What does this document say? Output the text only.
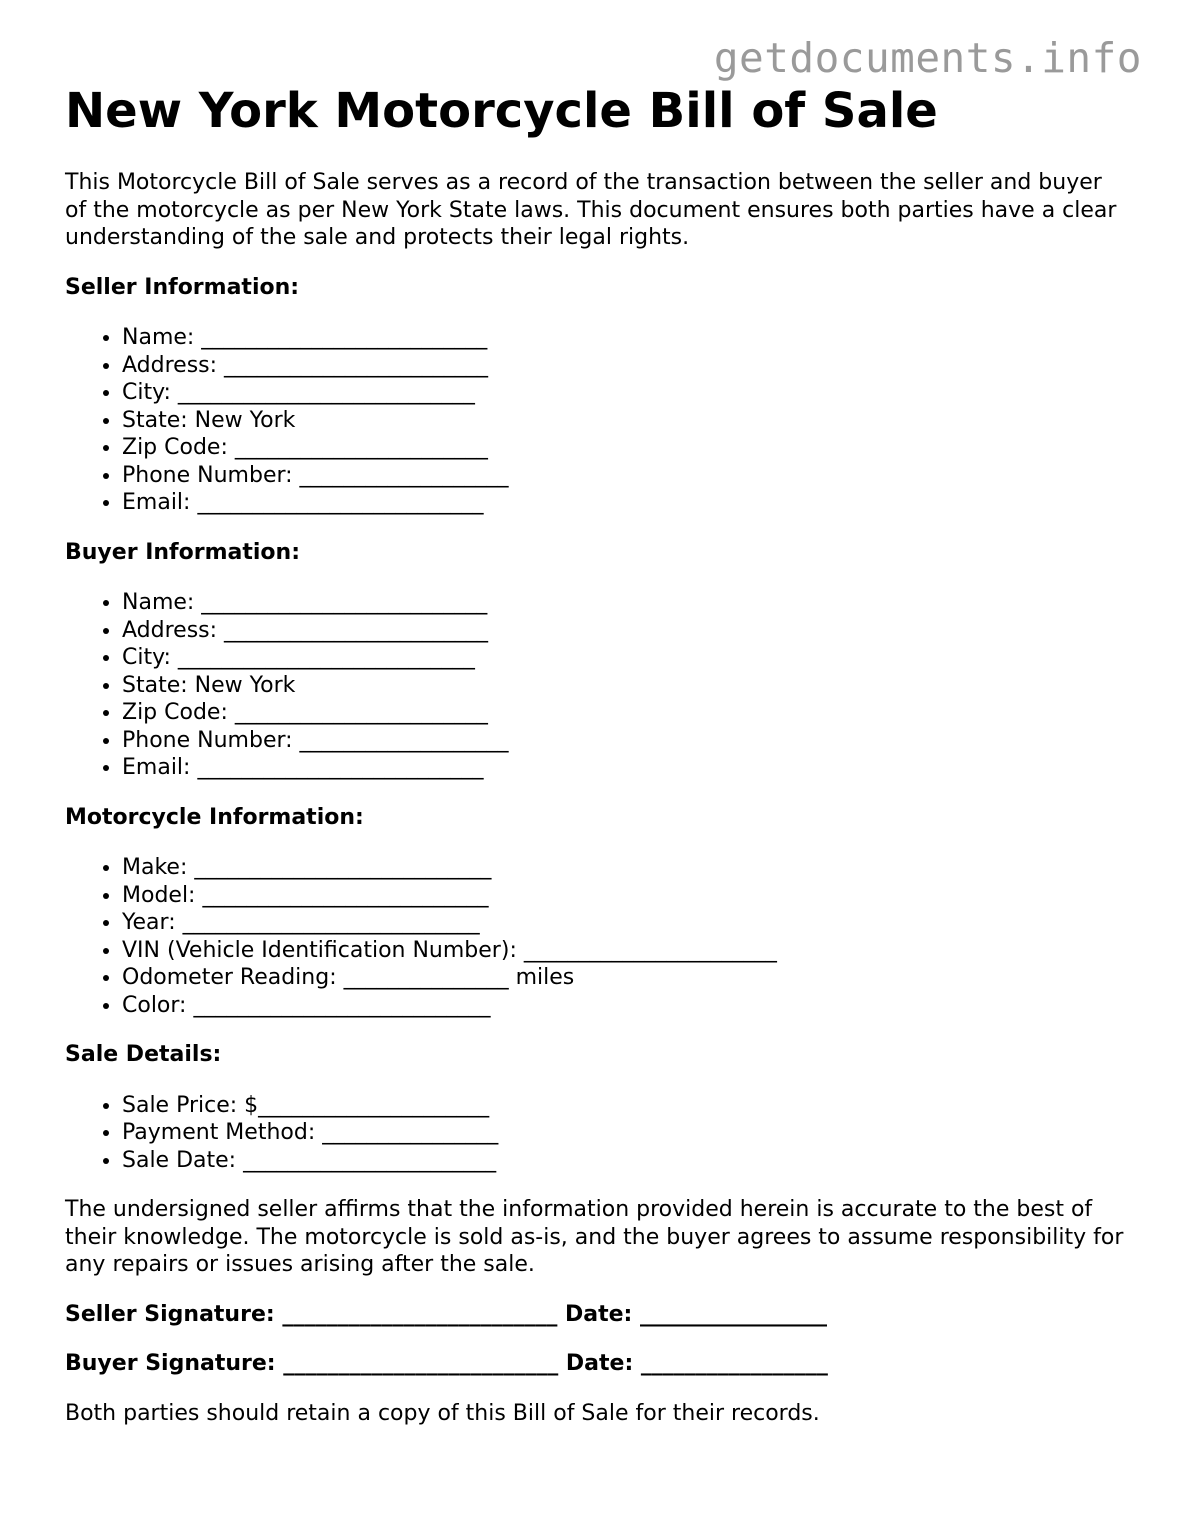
getdocuments.info
New York Motorcycle Bill of Sale

This Motorcycle Bill of Sale serves as a record of the transaction between the seller and buyer of the motorcycle as per New York State laws. This document ensures both parties have a clear understanding of the sale and protects their legal rights.

Seller Information:
• Name: __________________________
• Address: ________________________
• City: ___________________________
• State: New York
• Zip Code: _______________________
• Phone Number: ___________________
• Email: __________________________
Buyer Information:
• Name: __________________________
• Address: ________________________
• City: ___________________________
• State: New York
• Zip Code: _______________________
• Phone Number: ___________________
• Email: __________________________
Motorcycle Information:
• Make: ___________________________
• Model: __________________________
• Year: ___________________________
• VIN (Vehicle Identification Number): _______________________
• Odometer Reading: _______________ miles
• Color: ___________________________
Sale Details:
• Sale Price: $_____________________
• Payment Method: ________________
• Sale Date: _______________________

The undersigned seller affirms that the information provided herein is accurate to the best of their knowledge. The motorcycle is sold as-is, and the buyer agrees to assume responsibility for any repairs or issues arising after the sale.

Seller Signature: _________________________ Date: _________________
Buyer Signature: _________________________ Date: _________________

Both parties should retain a copy of this Bill of Sale for their records.
